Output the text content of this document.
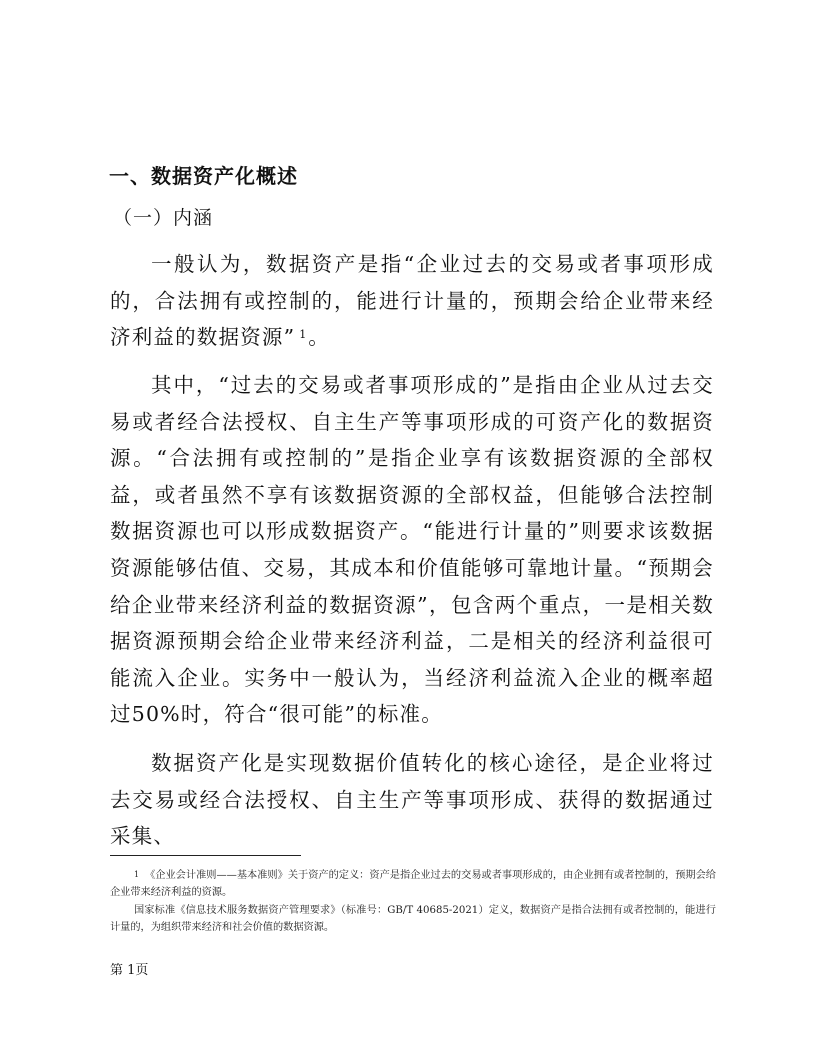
一、数据资产化概述
（一）内涵

一般认为，数据资产是指“企业过去的交易或者事项形成的，合法拥有或控制的，能进行计量的，预期会给企业带来经济利益的数据资源” $^1$。

其中，“过去的交易或者事项形成的”是指由企业从过去交易或者经合法授权、自主生产等事项形成的可资产化的数据资源。“合法拥有或控制的”是指企业享有该数据资源的全部权益，或者虽然不享有该数据资源的全部权益，但能够合法控制数据资源也可以形成数据资产。“能进行计量的”则要求该数据资源能够估值、交易，其成本和价值能够可靠地计量。“预期会给企业带来经济利益的数据资源”，包含两个重点，一是相关数据资源预期会给企业带来经济利益，二是相关的经济利益很可能流入企业。实务中一般认为，当经济利益流入企业的概率超过50%时，符合“很可能”的标准。

数据资产化是实现数据价值转化的核心途径，是企业将过去交易或经合法授权、自主生产等事项形成、获得的数据通过采集、

$^1$ 《企业会计准则——基本准则》关于资产的定义：资产是指企业过去的交易或者事项形成的，由企业拥有或者控制的，预期会给企业带来经济利益的资源。

国家标准《信息技术服务数据资产管理要求》（标准号：GB/T 40685-2021）定义，数据资产是指合法拥有或者控制的，能进行计量的，为组织带来经济和社会价值的数据资源。

第 1页
